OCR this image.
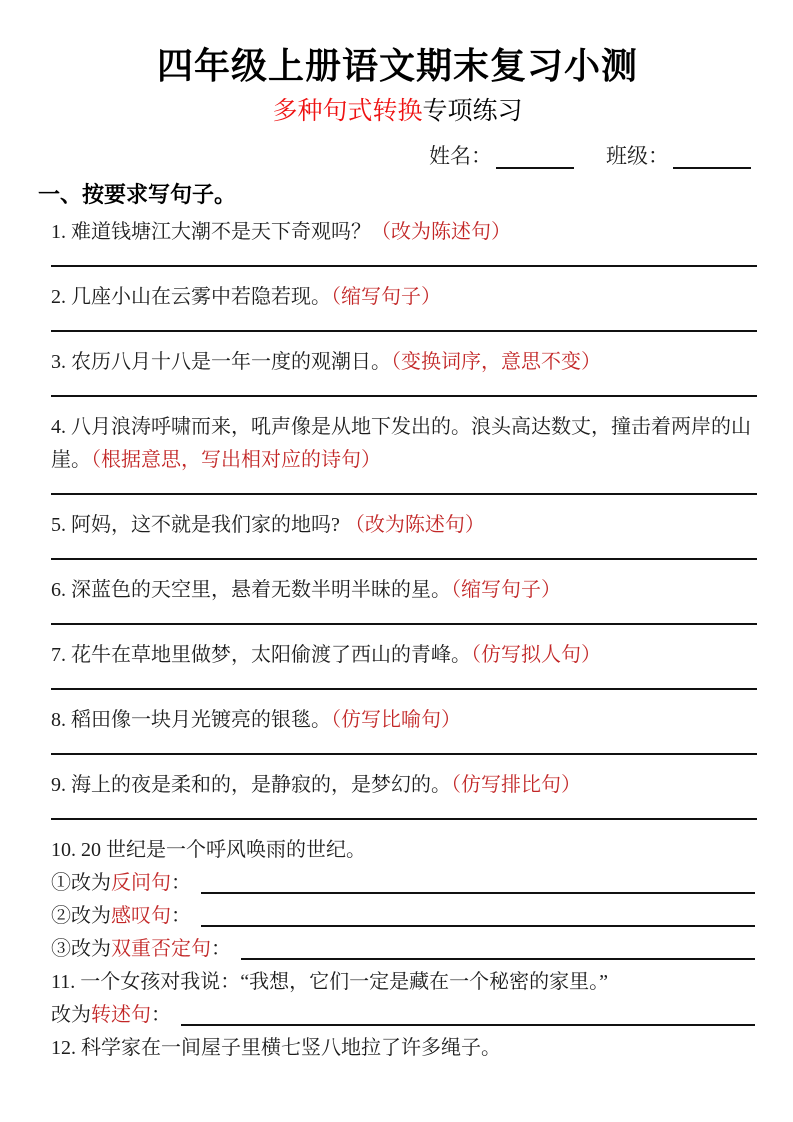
四年级上册语文期末复习小测
多种句式转换专项练习
姓名：	班级：
一、按要求写句子。

1. 难道钱塘江大潮不是天下奇观吗？（改为陈述句）

2. 几座小山在云雾中若隐若现。（缩写句子）

3. 农历八月十八是一年一度的观潮日。（变换词序，意思不变）

4. 八月浪涛呼啸而来，吼声像是从地下发出的。浪头高达数丈，撞击着两岸的山崖。（根据意思，写出相对应的诗句）

5. 阿妈，这不就是我们家的地吗? （改为陈述句）

6. 深蓝色的天空里，悬着无数半明半昧的星。（缩写句子）

7. 花牛在草地里做梦，太阳偷渡了西山的青峰。（仿写拟人句）

8. 稻田像一块月光镀亮的银毯。（仿写比喻句）

9. 海上的夜是柔和的，是静寂的，是梦幻的。（仿写排比句）

10. 20 世纪是一个呼风唤雨的世纪。

①改为 反问句 ：
②改为 感叹句 ：
③改为 双重否定句 ：

11. 一个女孩对我说：“我想，它们一定是藏在一个秘密的家里。”

改为 转述句 ：

12. 科学家在一间屋子里横七竖八地拉了许多绳子。
